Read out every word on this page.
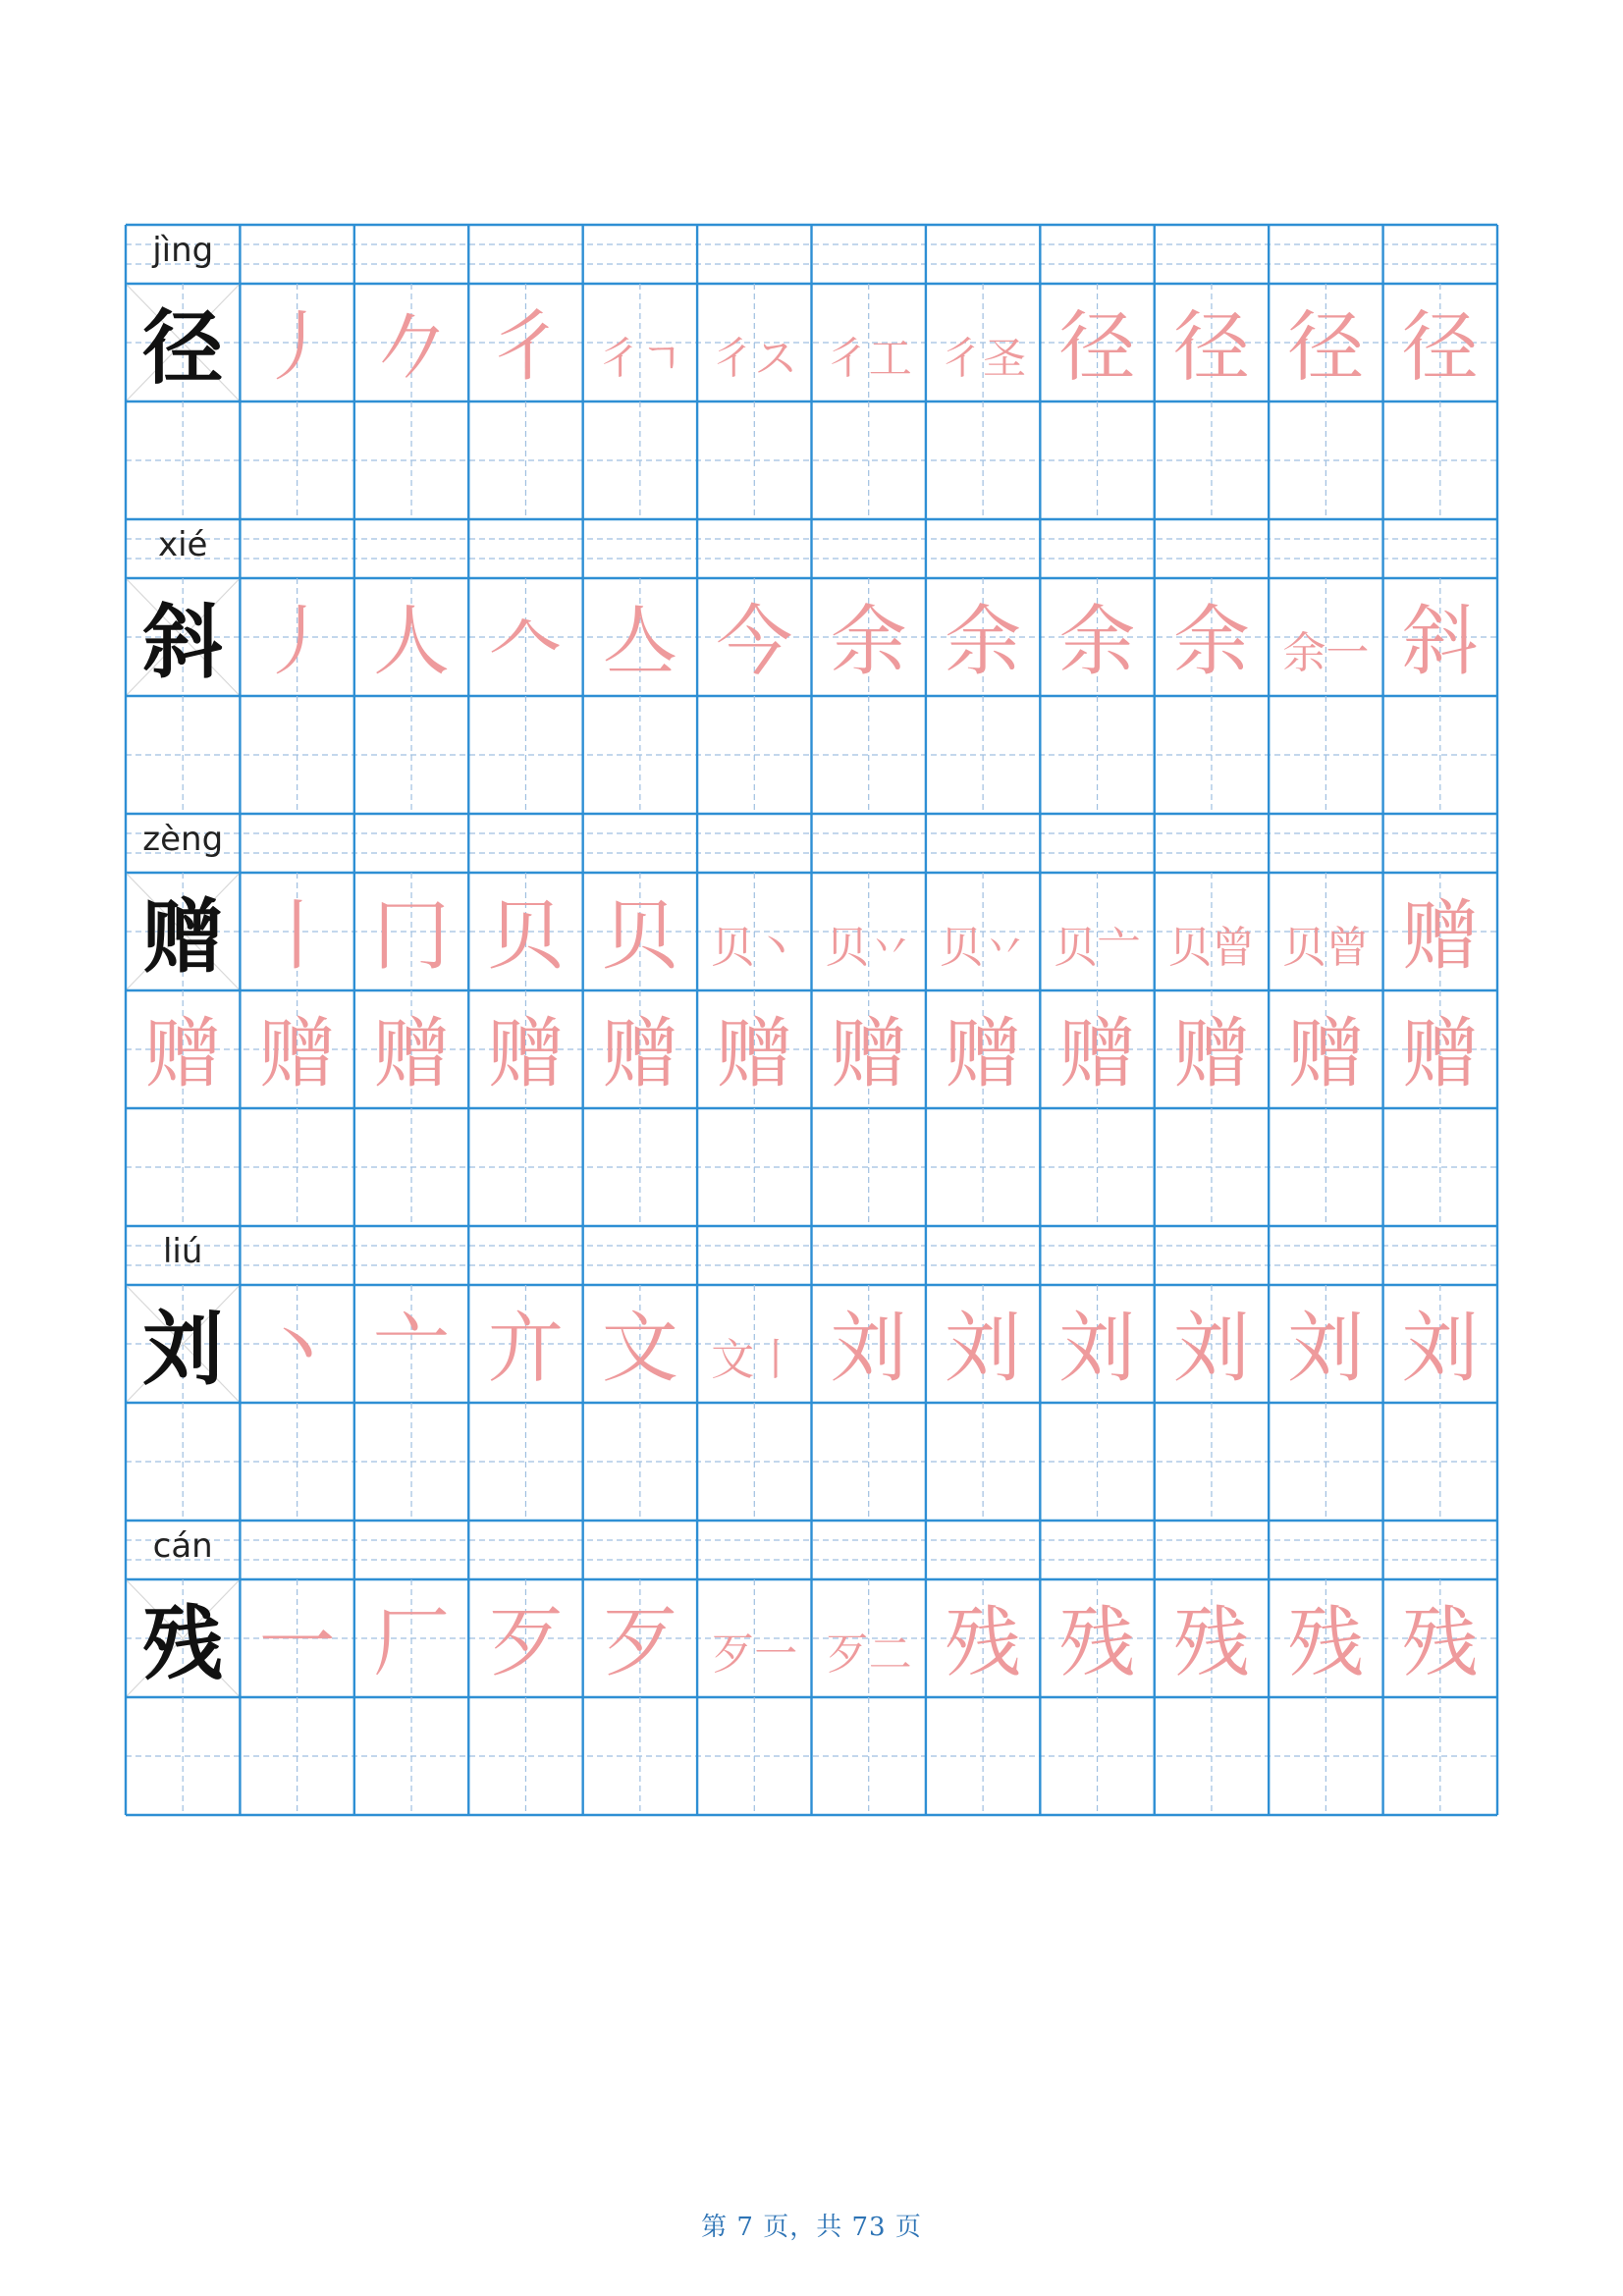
jìng
径 丿 𠂊 彳 彳ㄱ 彳ス 彳工 彳圣 径 径 径 径
xié
斜 丿 人 𠆢 亼 今 余 余 余 余 余一 斜
zèng
赠 丨 冂 贝 贝 贝丶 贝丷 贝丷 贝亠 贝曾 贝曾 赠
赠 赠 赠 赠 赠 赠 赠 赠 赠 赠 赠 赠
liú
刘 丶 亠 亣 文 文丨 刘 刘 刘 刘 刘 刘
cán
残 一 厂 歹 歹 歹一 歹二 残 残 残 残 残
第 7 页，共 73 页
